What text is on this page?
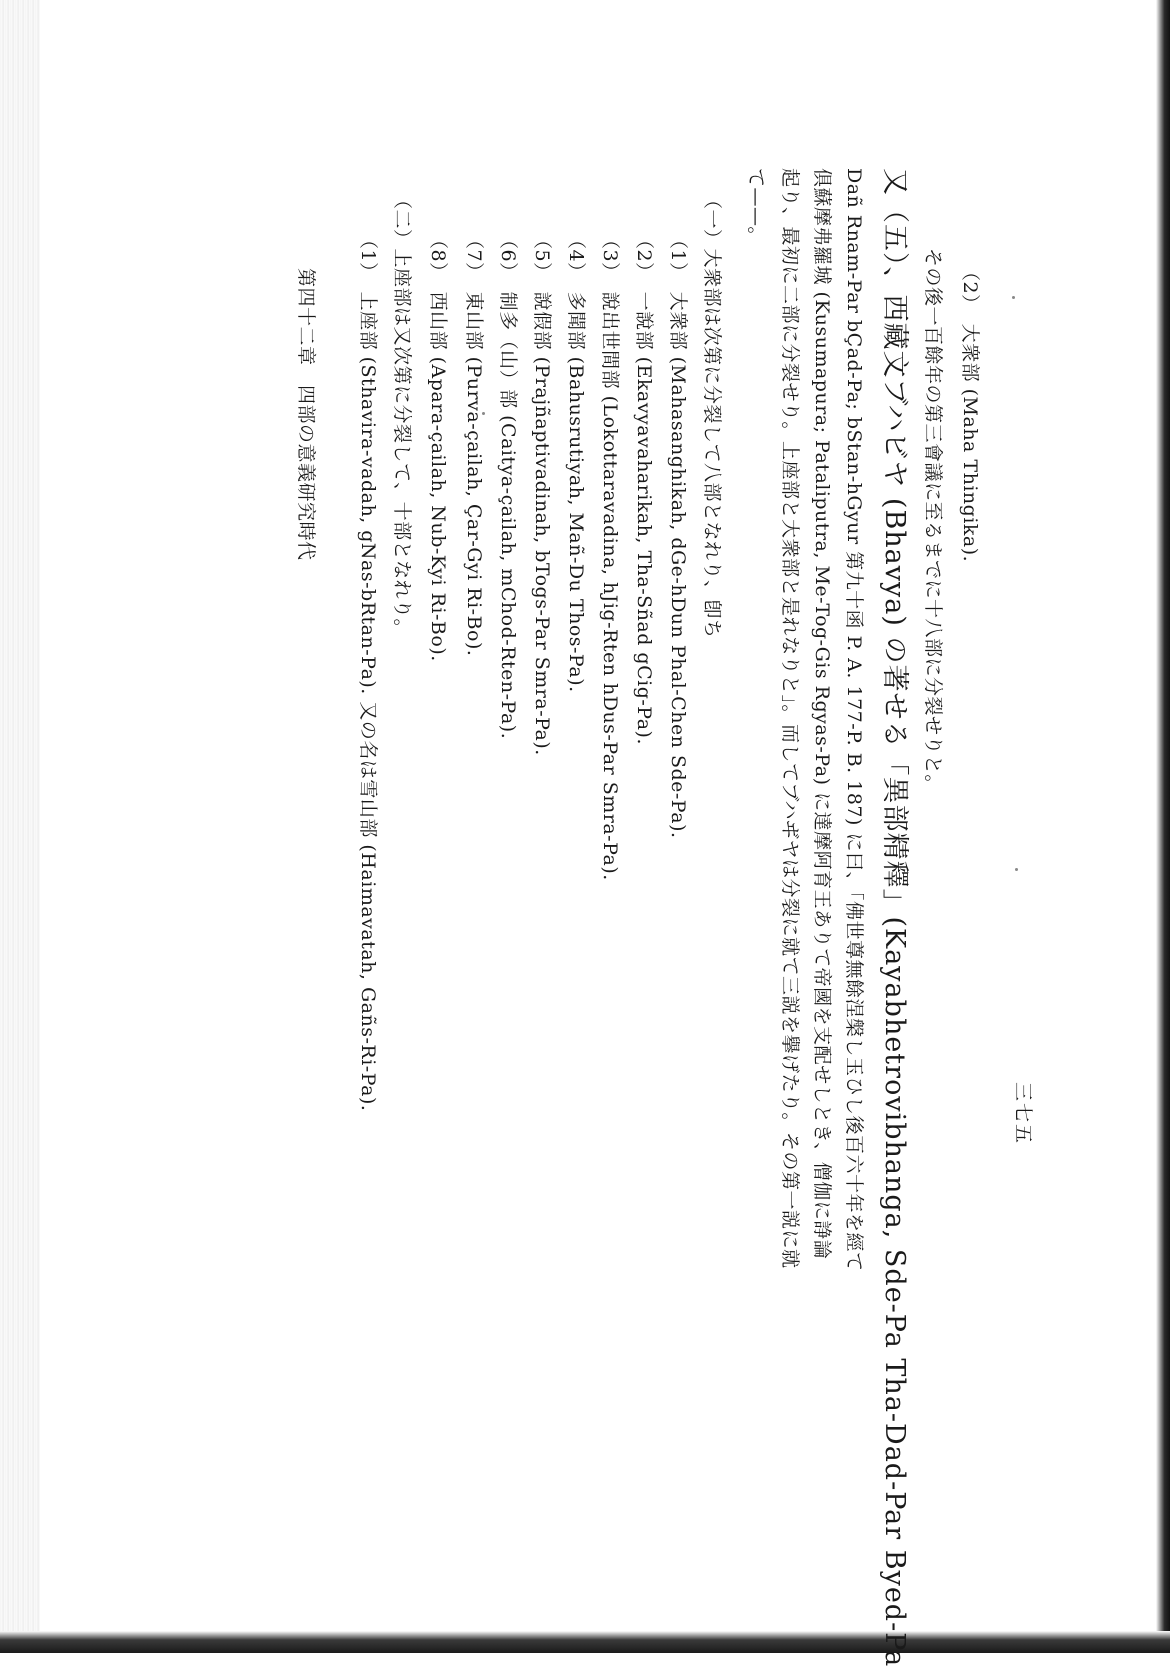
（2）　大衆部 (Maha Thingika).
その後一百餘年の第三會議に至るまでに十八部に分裂せりと。
又（五）、西藏文ブハビヤ (Bhavya) の著せる「異部精釋」(Kayabhetrovibhanga, Sde-Pa Tha-Dad-Par Byed-Pa
Dañ Rnam-Par bÇad-Pa; bStan-hGyur 第九十函 P. A. 177-P. B. 187) に曰、「佛世尊無餘涅槃し玉ひし後百六十年を經て
俱蘇摩弗羅城 (Kusumapura; Pataliputra, Me-Tog-Gis Rgyas-Pa) に達摩阿育王ありて帝國を支配せしとき、僧伽に諍論
起り、最初に二部に分裂せり。上座部と大衆部と是れなりと」。而してブハヸヤは分裂に就て三説を擧げたり。その第一説に就
て——。
（一）大衆部は次第に分裂して八部となれり、卽ち
（1）　大衆部 (Mahasanghikah, dGe-hDun Phal-Chen Sde-Pa).
（2）　一說部 (Ekavyavaharikah, Tha-Sñad gCig-Pa).
（3）　說出世間部 (Lokottaravadina, hJig-Rten hDus-Par Smra-Pa).
（4）　多聞部 (Bahusrutiyah, Mañ-Du Thos-Pa).
（5）　說假部 (Prajñaptivadinah, bTogs-Par Smra-Pa).
（6）　制多（山）部 (Caitya-çailah, mChod-Rten-Pa).
（7）　東山部 (Purva-çailah, Çar-Gyi Ri-Bo).
（8）　西山部 (Apara-çailah, Nub-Kyi Ri-Bo).
（二）上座部は又次第に分裂して、十部となれり。
（1）　上座部 (Sthavira-vadah, gNas-bRtan-Pa). 又の名は雪山部 (Haimavatah, Gañs-Ri-Pa).
第四十二章　四部の意義研究時代
三七五
